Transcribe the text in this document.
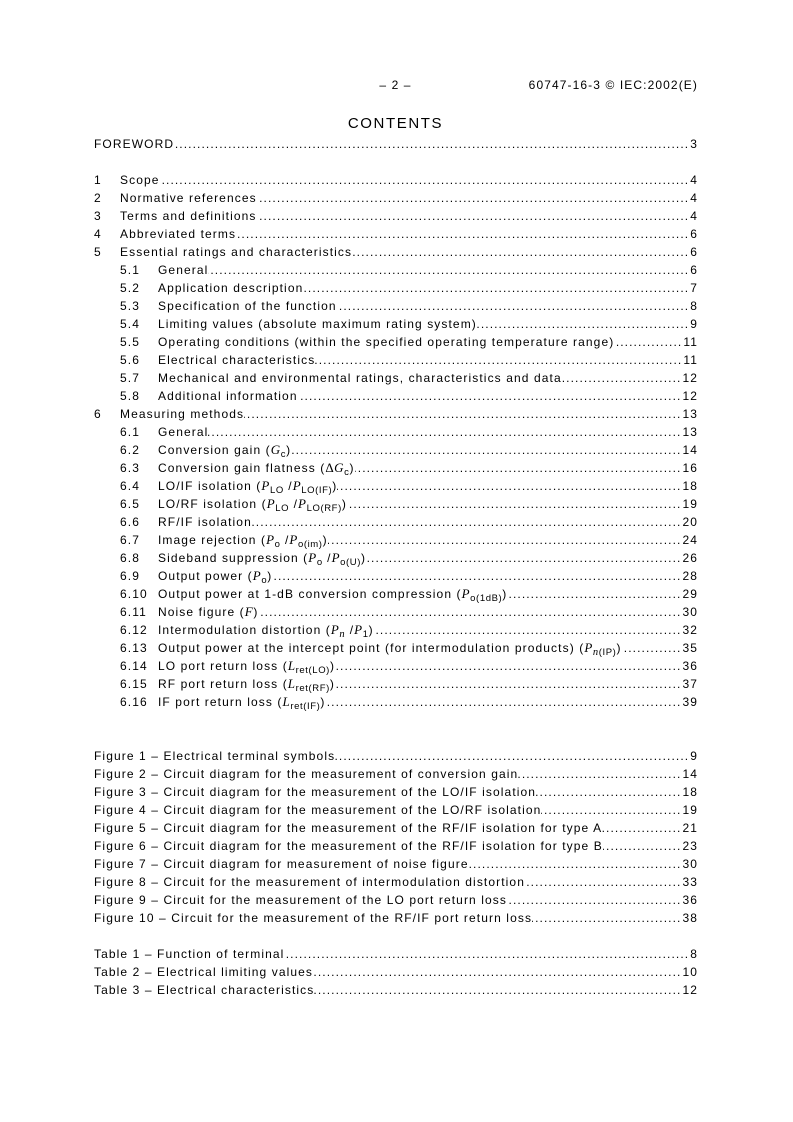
– 2 –	60747-16-3 © IEC:2002(E)
CONTENTS
FOREWORD .....	3
1	Scope .....	4
2	Normative references .....	4
3	Terms and definitions .....	4
4	Abbreviated terms .....	6
5	Essential ratings and characteristics .....	6
5.1	General .....	6
5.2	Application description .....	7
5.3	Specification of the function .....	8
5.4	Limiting values (absolute maximum rating system) .....	9
5.5	Operating conditions (within the specified operating temperature range) .....	11
5.6	Electrical characteristics .....	11
5.7	Mechanical and environmental ratings, characteristics and data .....	12
5.8	Additional information .....	12
6	Measuring methods .....	13
6.1	General .....	13
6.2	Conversion gain $(G_c)$ .....	14
6.3	Conversion gain flatness $(\Delta G_c)$ .....	16
6.4	LO/IF isolation ($P_{LO}$ $/P_{LO(IF)}$) .....	18
6.5	LO/RF isolation ($P_{LO}$ $/P_{LO(RF)}$) .....	19
6.6	RF/IF isolation .....	20
6.7	Image rejection ($P_o$ $/P_{o(im)}$) .....	24
6.8	Sideband suppression ($P_o$ $/P_{o(U)}$) .....	26
6.9	Output power $(P_o)$ .....	28
6.10 Output power at 1-dB conversion compression $(P_{o(1dB)})$ .....	29
6.11 Noise figure (F) .....	30
6.12 Intermodulation distortion (Pn $/P_1$) .....	32
6.13 Output power at the intercept point (for intermodulation products) $(Pn_{(IP)})$ .....	35
6.14 LO port return loss $(L_{ret(LO)})$ .....	36
6.15 RF port return loss $(L_{ret(RF)})$ .....	37
6.16 IF port return loss $(L_{ret(IF)})$ .....	39
Figure 1 – Electrical terminal symbols .....	9
Figure 2 – Circuit diagram for the measurement of conversion gain .....	14
Figure 3 – Circuit diagram for the measurement of the LO/IF isolation .....	18
Figure 4 – Circuit diagram for the measurement of the LO/RF isolation .....	19
Figure 5 – Circuit diagram for the measurement of the RF/IF isolation for type A .....	21
Figure 6 – Circuit diagram for the measurement of the RF/IF isolation for type B .....	23
Figure 7 – Circuit diagram for measurement of noise figure .....	30
Figure 8 – Circuit for the measurement of intermodulation distortion .....	33
Figure 9 – Circuit for the measurement of the LO port return loss .....	36
Figure 10 – Circuit for the measurement of the RF/IF port return loss .....	38
Table 1 – Function of terminal .....	8
Table 2 – Electrical limiting values .....	10
Table 3 – Electrical characteristics .....	12
